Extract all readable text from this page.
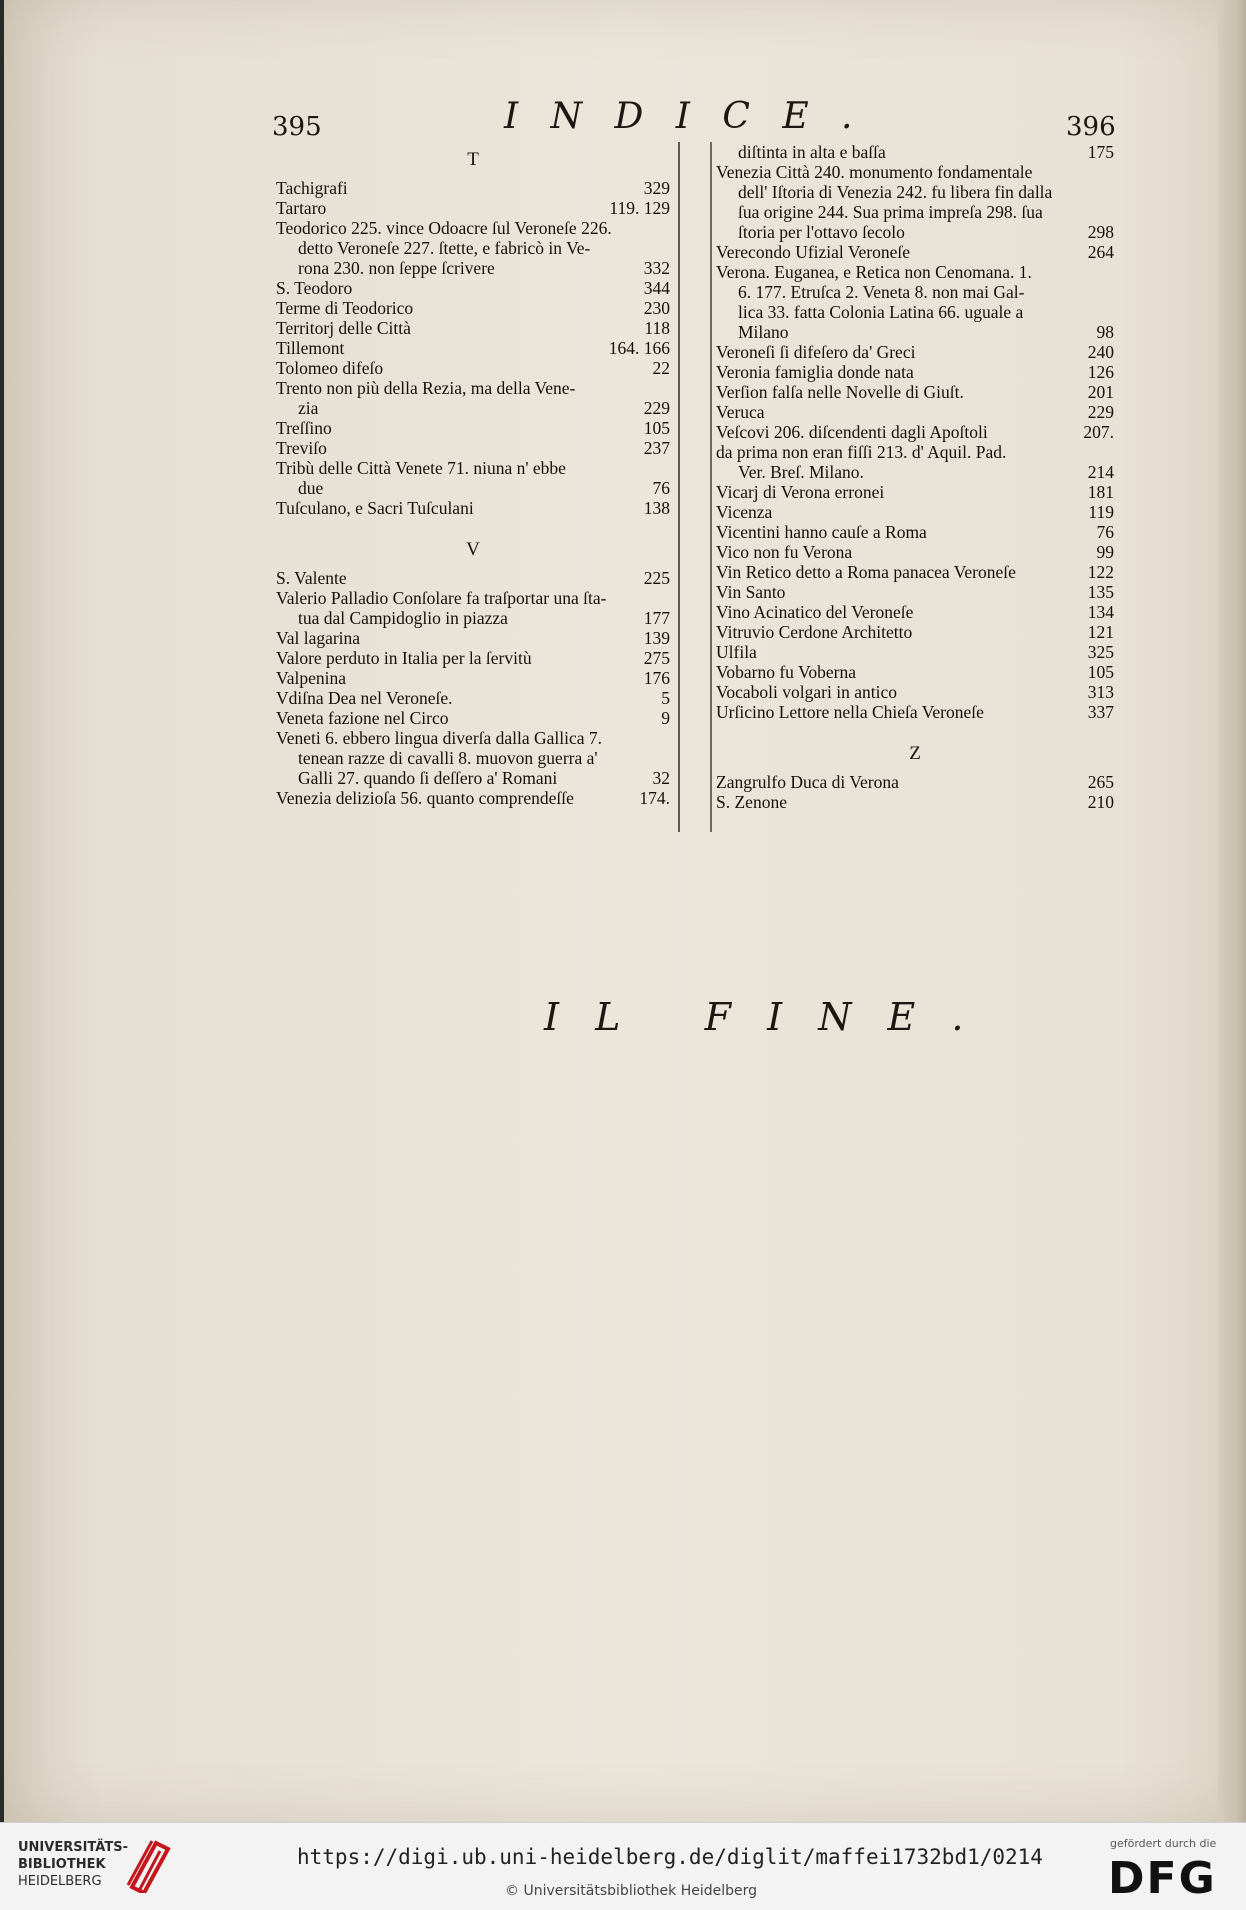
395	INDICE.	396
T
Tachigrafi	329
Tartaro	119. 129
Teodorico 225. vince Odoacre ſul Veroneſe 226.
detto Veroneſe 227. ſtette, e fabricò in Ve-
rona 230. non ſeppe ſcrivere	332
S. Teodoro	344
Terme di Teodorico	230
Territorj delle Città	118
Tillemont	164. 166
Tolomeo difeſo	22
Trento non più della Rezia, ma della Vene-
zia	229
Treſſino	105
Treviſo	237
Tribù delle Città Venete 71. niuna n' ebbe
due	76
Tuſculano, e Sacri Tuſculani	138
V
S. Valente	225
Valerio Palladio Conſolare fa traſportar una ſta-
tua dal Campidoglio in piazza	177
Val lagarina	139
Valore perduto in Italia per la ſervitù	275
Valpenina	176
Vdiſna Dea nel Veroneſe.	5
Veneta fazione nel Circo	9
Veneti 6. ebbero lingua diverſa dalla Gallica 7.
tenean razze di cavalli 8. muovon guerra a'
Galli 27. quando ſi deſſero a' Romani	32
Venezia delizioſa 56. quanto comprendeſſe	174.
diſtinta in alta e baſſa	175
Venezia Città 240. monumento fondamentale
dell' Iſtoria di Venezia 242. fu libera fin dalla
ſua origine 244. Sua prima impreſa 298. ſua
ſtoria per l'ottavo ſecolo	298
Verecondo Ufizial Veroneſe	264
Verona. Euganea, e Retica non Cenomana. 1.
6. 177. Etruſca 2. Veneta 8. non mai Gal-
lica 33. fatta Colonia Latina 66. uguale a
Milano	98
Veroneſi ſi difeſero da' Greci	240
Veronia famiglia donde nata	126
Verſion falſa nelle Novelle di Giuſt.	201
Veruca	229
Veſcovi 206. diſcendenti dagli Apoſtoli	207.
da prima non eran fiſſi 213. d' Aquil. Pad.
Ver. Breſ. Milano.	214
Vicarj di Verona erronei	181
Vicenza	119
Vicentini hanno cauſe a Roma	76
Vico non fu Verona	99
Vin Retico detto a Roma panacea Veroneſe	122
Vin Santo	135
Vino Acinatico del Veroneſe	134
Vitruvio Cerdone Architetto	121
Ulfila	325
Vobarno fu Voberna	105
Vocaboli volgari in antico	313
Urſicino Lettore nella Chieſa Veroneſe	337
Z
Zangrulfo Duca di Verona	265
S. Zenone	210
IL FINE.
UNIVERSITÄTS-
BIBLIOTHEK
HEIDELBERG
https://digi.ub.uni-heidelberg.de/diglit/maffei1732bd1/0214
© Universitätsbibliothek Heidelberg
gefördert durch die
DFG
